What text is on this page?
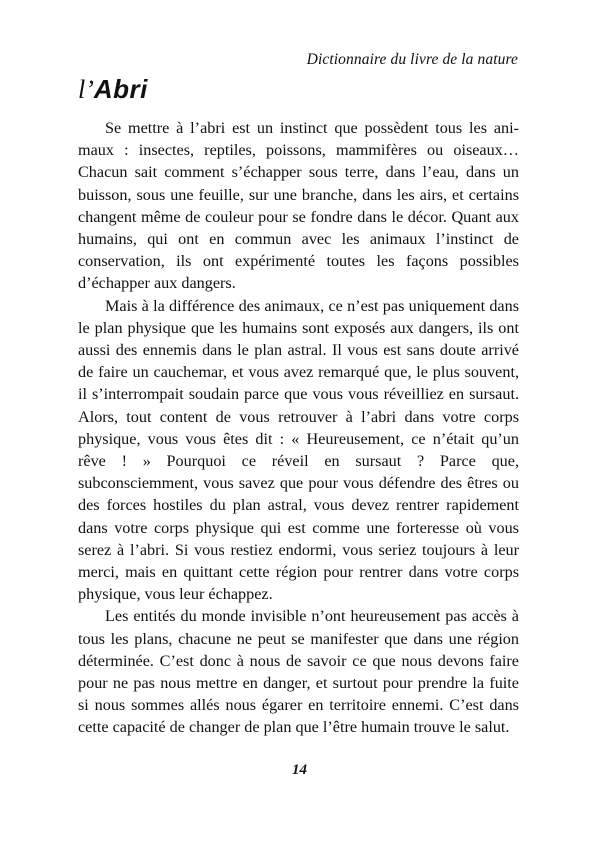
Dictionnaire du livre de la nature

l’Abri

Se mettre à l’abri est un instinct que possèdent tous les animaux : insectes, reptiles, poissons, mammifères ou oiseaux… Chacun sait comment s’échapper sous terre, dans l’eau, dans un buisson, sous une feuille, sur une branche, dans les airs, et certains changent même de couleur pour se fondre dans le décor. Quant aux humains, qui ont en commun avec les animaux l’instinct de conservation, ils ont expérimenté toutes les façons possibles d’échapper aux dangers.

Mais à la différence des animaux, ce n’est pas uniquement dans le plan physique que les humains sont exposés aux dangers, ils ont aussi des ennemis dans le plan astral. Il vous est sans doute arrivé de faire un cauchemar, et vous avez remarqué que, le plus souvent, il s’interrompait soudain parce que vous vous réveilliez en sursaut. Alors, tout content de vous retrouver à l’abri dans votre corps physique, vous vous êtes dit : « Heureusement, ce n’était qu’un rêve ! » Pourquoi ce réveil en sursaut ? Parce que, subconsciemment, vous savez que pour vous défendre des êtres ou des forces hostiles du plan astral, vous devez rentrer rapidement dans votre corps physique qui est comme une forteresse où vous serez à l’abri. Si vous restiez endormi, vous seriez toujours à leur merci, mais en quittant cette région pour rentrer dans votre corps physique, vous leur échappez.

Les entités du monde invisible n’ont heureusement pas accès à tous les plans, chacune ne peut se manifester que dans une région déterminée. C’est donc à nous de savoir ce que nous devons faire pour ne pas nous mettre en danger, et surtout pour prendre la fuite si nous sommes allés nous égarer en territoire ennemi. C’est dans cette capacité de changer de plan que l’être humain trouve le salut.

14
